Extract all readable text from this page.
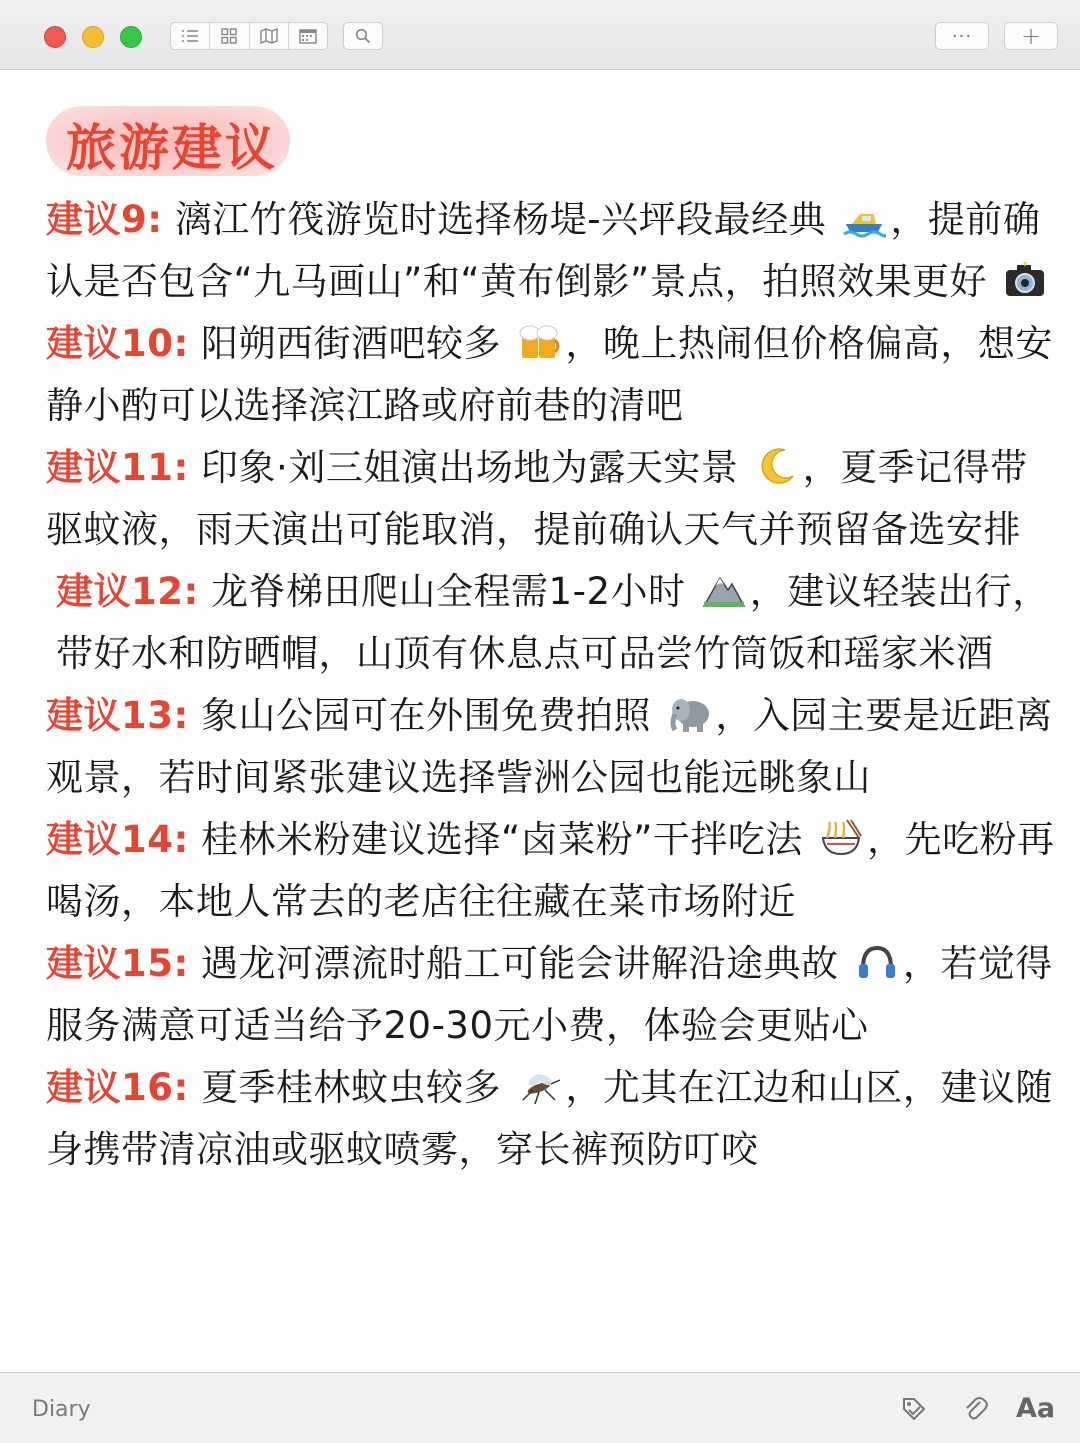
··· +
旅游建议

建议9: 漓江竹筏游览时选择杨堤-兴坪段最经典 ，提前确认是否包含“九马画山”和“黄布倒影”景点，拍照效果更好

建议10: 阳朔西街酒吧较多 ，晚上热闹但价格偏高，想安静小酌可以选择滨江路或府前巷的清吧

建议11: 印象·刘三姐演出场地为露天实景 ，夏季记得带驱蚊液，雨天演出可能取消，提前确认天气并预留备选安排

建议12: 龙脊梯田爬山全程需1-2小时 ，建议轻装出行，带好水和防晒帽，山顶有休息点可品尝竹筒饭和瑶家米酒

建议13: 象山公园可在外围免费拍照 ，入园主要是近距离观景，若时间紧张建议选择訾洲公园也能远眺象山

建议14: 桂林米粉建议选择“卤菜粉”干拌吃法 ，先吃粉再喝汤，本地人常去的老店往往藏在菜市场附近

建议15: 遇龙河漂流时船工可能会讲解沿途典故 ，若觉得服务满意可适当给予20-30元小费，体验会更贴心

建议16: 夏季桂林蚊虫较多 ，尤其在江边和山区，建议随身携带清凉油或驱蚊喷雾，穿长裤预防叮咬

Diary	Aa
